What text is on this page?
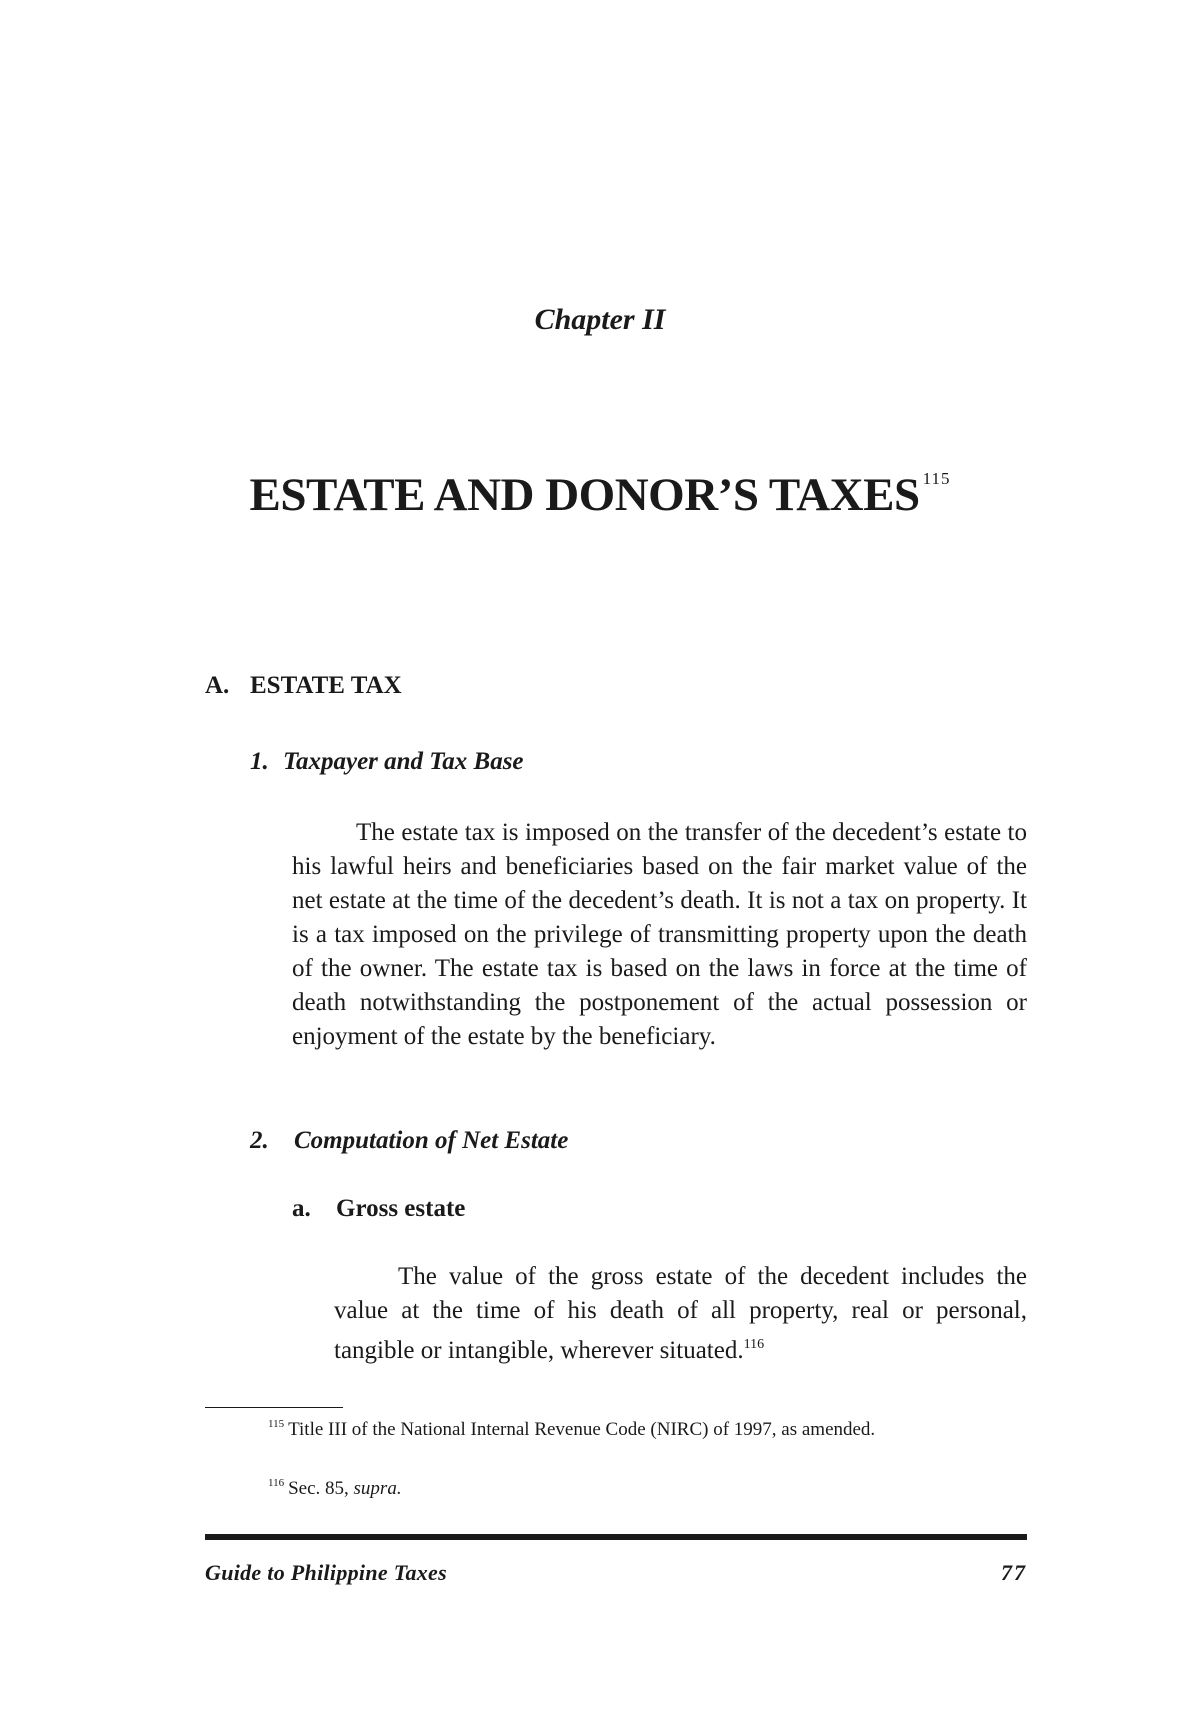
Chapter II
ESTATE AND DONOR’S TAXES $^{115}$
A. ESTATE TAX
1. Taxpayer and Tax Base

The estate tax is imposed on the transfer of the decedent’s estate to his lawful heirs and beneficiaries based on the fair market value of the net estate at the time of the decedent’s death. It is not a tax on property. It is a tax imposed on the privilege of transmitting property upon the death of the owner. The estate tax is based on the laws in force at the time of death notwithstanding the postponement of the actual possession or enjoyment of the estate by the beneficiary.

2. Computation of Net Estate
a. Gross estate

The value of the gross estate of the decedent includes the value at the time of his death of all property, real or personal, tangible or intangible, wherever situated.$^{116}$

$^{115}$ Title III of the National Internal Revenue Code (NIRC) of 1997, as amended.
$^{116}$ Sec. 85, supra.
Guide to Philippine Taxes	77
